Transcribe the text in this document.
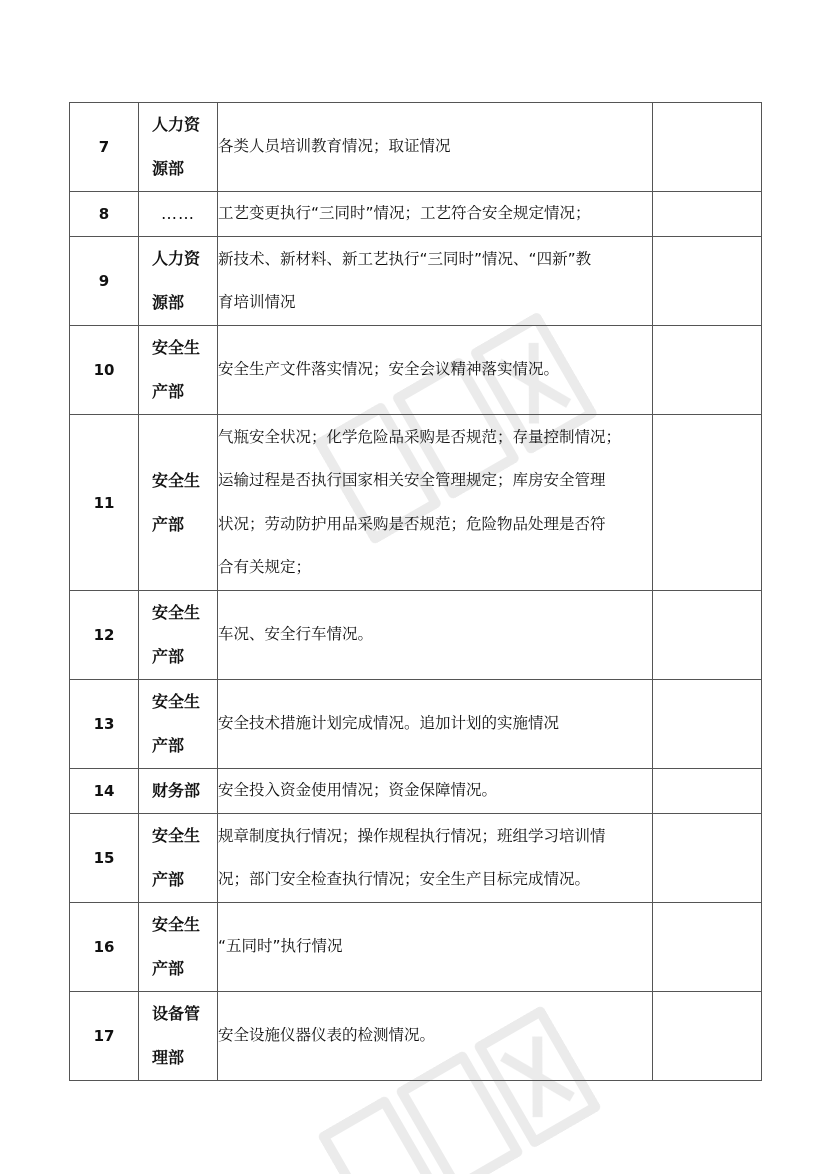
7	人力资源部	各类人员培训教育情况；取证情况	

8	……	工艺变更执行“三同时”情况；工艺符合安全规定情况；	

9	人力资源部	新技术、新材料、新工艺执行“三同时”情况、“四新”教
育培训情况	

10	安全生产部	安全生产文件落实情况；安全会议精神落实情况。	

11	安全生产部	气瓶安全状况；化学危险品采购是否规范；存量控制情况；
运输过程是否执行国家相关安全管理规定；库房安全管理
状况；劳动防护用品采购是否规范；危险物品处理是否符
合有关规定；	

12	安全生产部	车况、安全行车情况。	

13	安全生产部	安全技术措施计划完成情况。追加计划的实施情况	

14	财务部	安全投入资金使用情况；资金保障情况。	

15	安全生产部	规章制度执行情况；操作规程执行情况；班组学习培训情
况；部门安全检查执行情况；安全生产目标完成情况。	

16	安全生产部	“五同时”执行情况	

17	设备管理部	安全设施仪器仪表的检测情况。	
